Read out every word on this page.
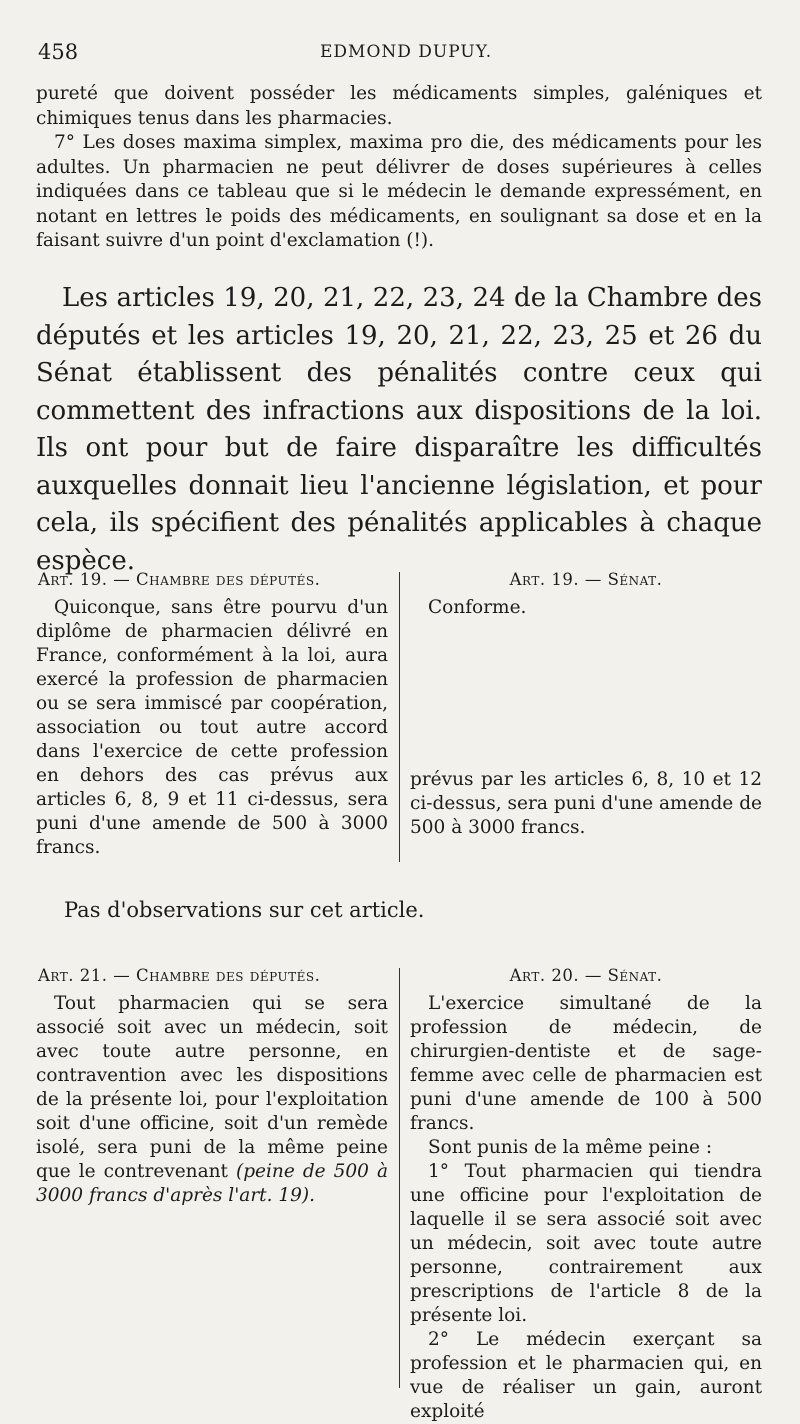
458	EDMOND DUPUY.

pureté que doivent posséder les médicaments simples, galéniques et chimiques tenus dans les pharmacies.

7° Les doses maxima simplex, maxima pro die, des médicaments pour les adultes. Un pharmacien ne peut délivrer de doses supérieures à celles indiquées dans ce tableau que si le médecin le demande expressément, en notant en lettres le poids des médicaments, en soulignant sa dose et en la faisant suivre d'un point d'exclamation (!).

Les articles 19, 20, 21, 22, 23, 24 de la Chambre des députés et les articles 19, 20, 21, 22, 23, 25 et 26 du Sénat établissent des pénalités contre ceux qui commettent des infractions aux dispositions de la loi. Ils ont pour but de faire disparaître les difficultés auxquelles donnait lieu l'ancienne législation, et pour cela, ils spécifient des pénalités applicables à chaque espèce.

Art. 19. — Chambre des députés.

Quiconque, sans être pourvu d'un diplôme de pharmacien délivré en France, conformément à la loi, aura exercé la profession de pharmacien ou se sera immiscé par coopération, association ou tout autre accord dans l'exercice de cette profession en dehors des cas prévus aux articles 6, 8, 9 et 11 ci-dessus, sera puni d'une amende de 500 à 3000 francs.

Art. 19. — Sénat.

Conforme.

prévus par les articles 6, 8, 10 et 12 ci-dessus, sera puni d'une amende de 500 à 3000 francs.

Pas d'observations sur cet article.

Art. 21. — Chambre des députés.

Tout pharmacien qui se sera associé soit avec un médecin, soit avec toute autre personne, en contravention avec les dispositions de la présente loi, pour l'exploitation soit d'une officine, soit d'un remède isolé, sera puni de la même peine que le contrevenant (peine de 500 à 3000 francs d'après l'art. 19).

Art. 20. — Sénat.

L'exercice simultané de la profession de médecin, de chirurgien-dentiste et de sage-femme avec celle de pharmacien est puni d'une amende de 100 à 500 francs.

Sont punis de la même peine :

1° Tout pharmacien qui tiendra une officine pour l'exploitation de laquelle il se sera associé soit avec un médecin, soit avec toute autre personne, contrairement aux prescriptions de l'article 8 de la présente loi.

2° Le médecin exerçant sa profession et le pharmacien qui, en vue de réaliser un gain, auront exploité
